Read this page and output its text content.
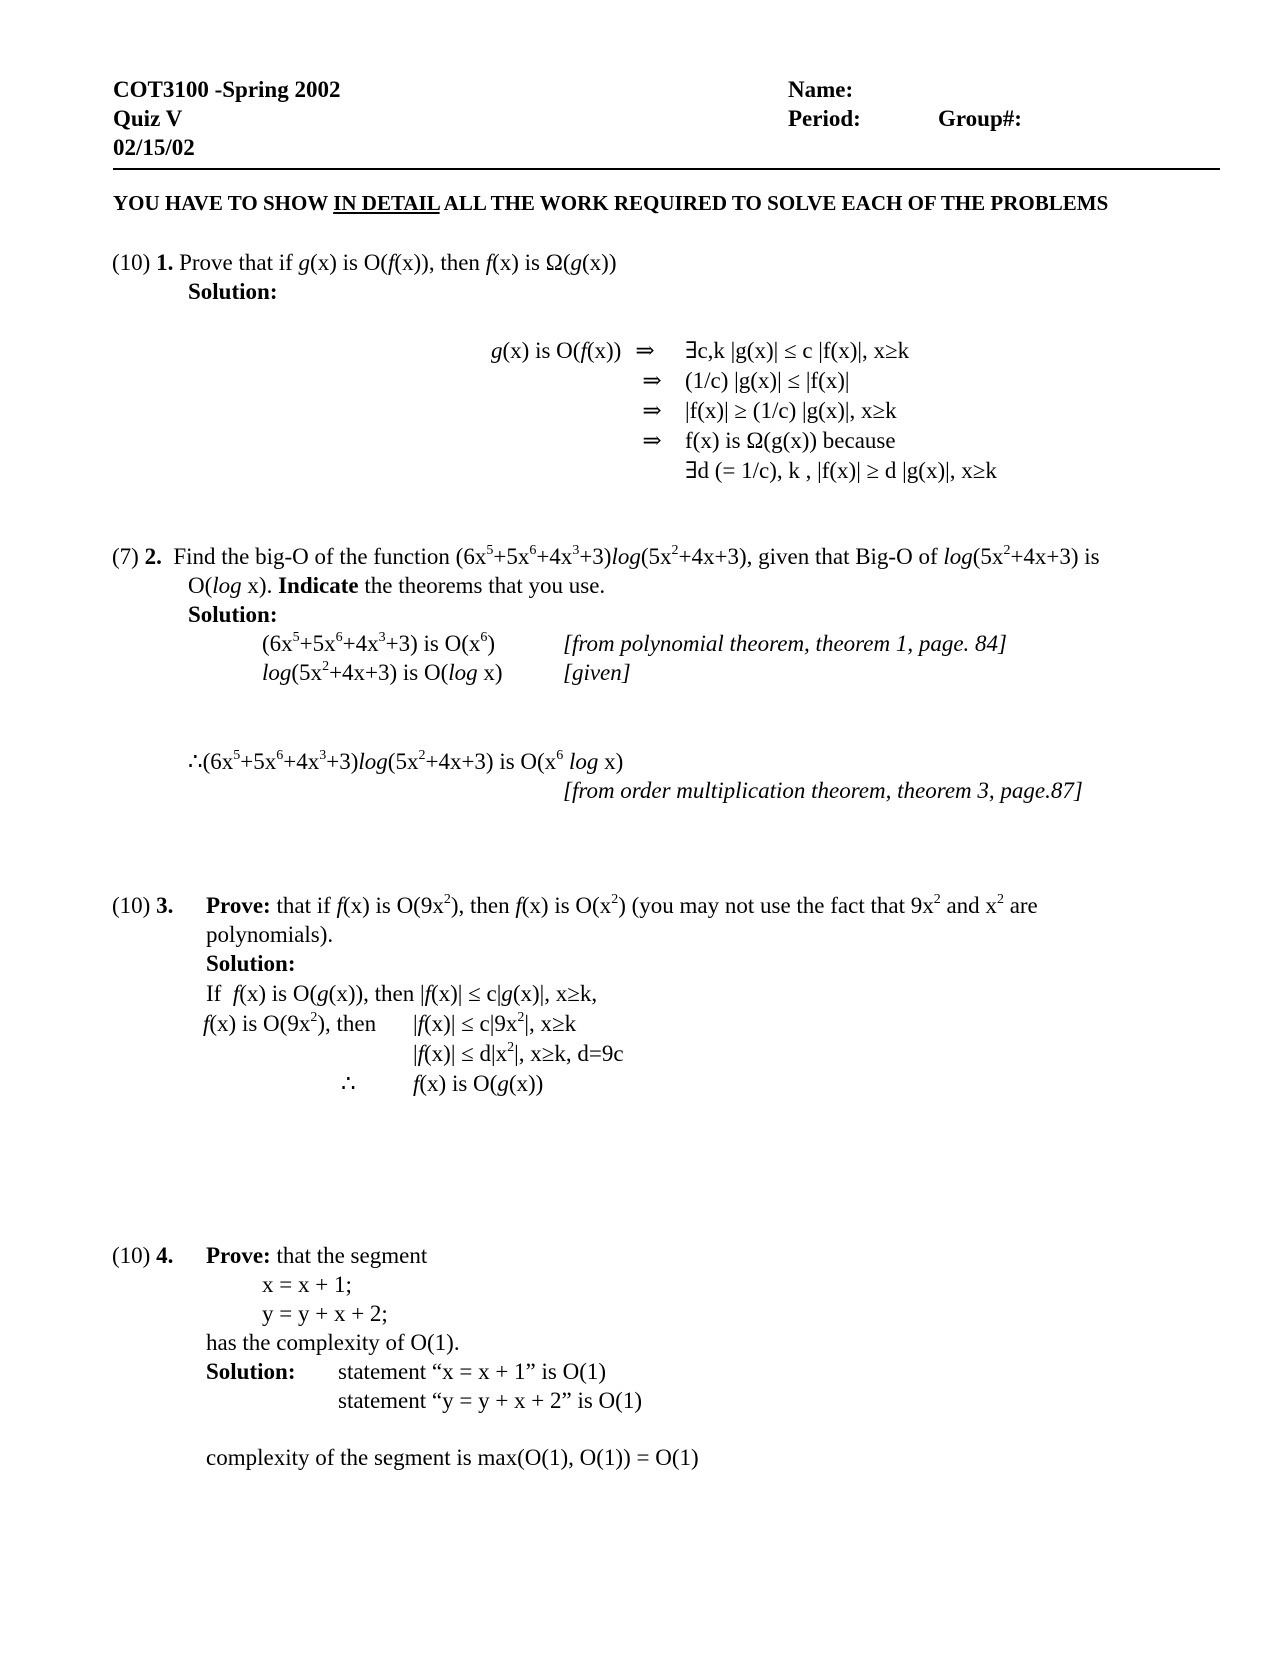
COT3100 -Spring 2002
Quiz V
02/15/02
Name:
Period:	Group#:
YOU HAVE TO SHOW IN DETAIL ALL THE WORK REQUIRED TO SOLVE EACH OF THE PROBLEMS
(10) 1. Prove that if g(x) is O(f(x)), then f(x) is Ω(g(x))
Solution:
g(x) is O(f(x)) ⇒	∃c,k |g(x)| ≤ c |f(x)|, x≥k
⇒	(1/c) |g(x)| ≤ |f(x)|
⇒	|f(x)| ≥ (1/c) |g(x)|, x≥k
⇒	f(x) is Ω(g(x)) because
∃d (= 1/c), k , |f(x)| ≥ d |g(x)|, x≥k
(7) 2.  Find the big-O of the function $(6x^5+5x^6+4x^3+3)\log(5x^2+4x+3)$, given that Big-O of $\log(5x^2+4x+3)$ is
O(log x). Indicate the theorems that you use.
Solution:
$(6x^5+5x^6+4x^3+3)$ is $O(x^6)$	[from polynomial theorem, theorem 1, page. 84]
$\log(5x^2+4x+3)$ is O(log x)	[given]
$\therefore(6x^5+5x^6+4x^3+3)\log(5x^2+4x+3)$ is $O(x^6$ log x)
[from order multiplication theorem, theorem 3, page.87]
(10) 3. Prove: that if f(x) is $O(9x^2)$, then f(x) is $O(x^2)$ (you may not use the fact that $9x^2$ and $x^2$ are
polynomials).
Solution:
If  f(x) is O(g(x)), then |f(x)| ≤ c|g(x)|, x≥k,
f(x) is $O(9x^2)$, then $|f(x)| \le c|9x^2|$, x≥k
$|f(x)| \le d|x^2|$, x≥k, d=9c
∴ f(x) is O(g(x))
(10) 4. Prove: that the segment
x = x + 1;
y = y + x + 2;
has the complexity of O(1).
Solution: statement “x = x + 1” is O(1)
statement “y = y + x + 2” is O(1)
complexity of the segment is max(O(1), O(1)) = O(1)
